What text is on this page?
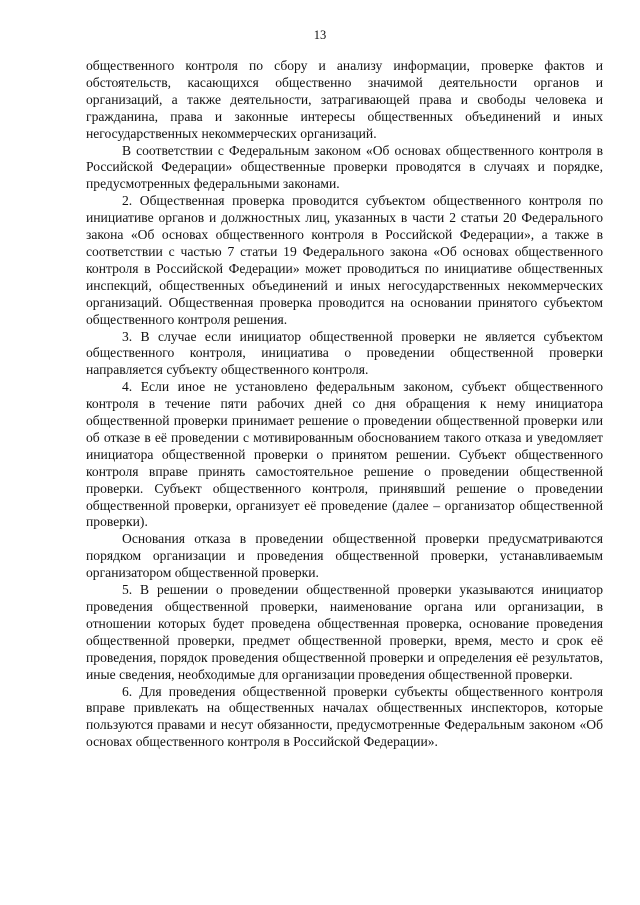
13

общественного контроля по сбору и анализу информации, проверке фактов и обстоятельств, касающихся общественно значимой деятельности органов и организаций, а также деятельности, затрагивающей права и свободы человека и гражданина, права и законные интересы общественных объединений и иных негосударственных некоммерческих организаций.

В соответствии с Федеральным законом «Об основах общественного контроля в Российской Федерации» общественные проверки проводятся в случаях и порядке, предусмотренных федеральными законами.

2. Общественная проверка проводится субъектом общественного контроля по инициативе органов и должностных лиц, указанных в части 2 статьи 20 Федерального закона «Об основах общественного контроля в Российской Федерации», а также в соответствии с частью 7 статьи 19 Федерального закона «Об основах общественного контроля в Российской Федерации» может проводиться по инициативе общественных инспекций, общественных объединений и иных негосударственных некоммерческих организаций. Общественная проверка проводится на основании принятого субъектом общественного контроля решения.

3. В случае если инициатор общественной проверки не является субъектом общественного контроля, инициатива о проведении общественной проверки направляется субъекту общественного контроля.

4. Если иное не установлено федеральным законом, субъект общественного контроля в течение пяти рабочих дней со дня обращения к нему инициатора общественной проверки принимает решение о проведении общественной проверки или об отказе в её проведении с мотивированным обоснованием такого отказа и уведомляет инициатора общественной проверки о принятом решении. Субъект общественного контроля вправе принять самостоятельное решение о проведении общественной проверки. Субъект общественного контроля, принявший решение о проведении общественной проверки, организует её проведение (далее – организатор общественной проверки).

Основания отказа в проведении общественной проверки предусматриваются порядком организации и проведения общественной проверки, устанавливаемым организатором общественной проверки.

5. В решении о проведении общественной проверки указываются инициатор проведения общественной проверки, наименование органа или организации, в отношении которых будет проведена общественная проверка, основание проведения общественной проверки, предмет общественной проверки, время, место и срок её проведения, порядок проведения общественной проверки и определения её результатов, иные сведения, необходимые для организации проведения общественной проверки.

6. Для проведения общественной проверки субъекты общественного контроля вправе привлекать на общественных началах общественных инспекторов, которые пользуются правами и несут обязанности, предусмотренные Федеральным законом «Об основах общественного контроля в Российской Федерации».
